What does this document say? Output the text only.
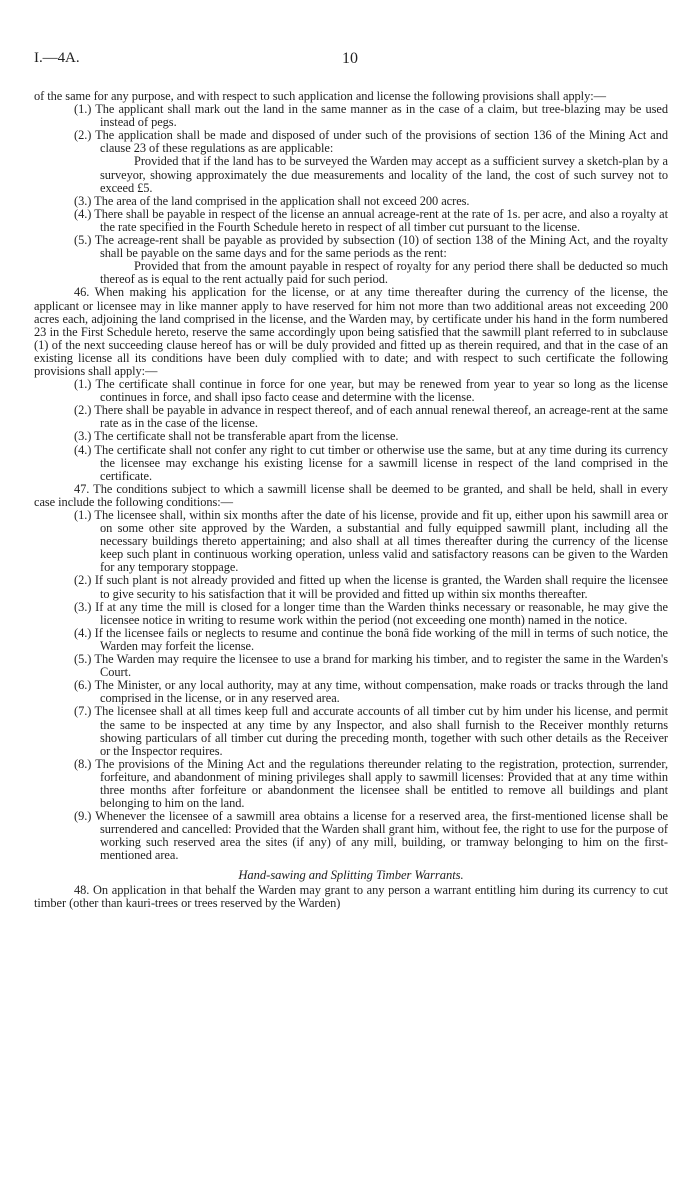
I.—4A.	10

of the same for any purpose, and with respect to such application and license the following provisions shall apply:—

(1.) The applicant shall mark out the land in the same manner as in the case of a claim, but tree-blazing may be used instead of pegs.

(2.) The application shall be made and disposed of under such of the provisions of section 136 of the Mining Act and clause 23 of these regulations as are applicable:

Provided that if the land has to be surveyed the Warden may accept as a sufficient survey a sketch-plan by a surveyor, showing approximately the due measurements and locality of the land, the cost of such survey not to exceed £5.

(3.) The area of the land comprised in the application shall not exceed 200 acres.

(4.) There shall be payable in respect of the license an annual acreage-rent at the rate of 1s. per acre, and also a royalty at the rate specified in the Fourth Schedule hereto in respect of all timber cut pursuant to the license.

(5.) The acreage-rent shall be payable as provided by subsection (10) of section 138 of the Mining Act, and the royalty shall be payable on the same days and for the same periods as the rent:

Provided that from the amount payable in respect of royalty for any period there shall be deducted so much thereof as is equal to the rent actually paid for such period.

46. When making his application for the license, or at any time thereafter during the currency of the license, the applicant or licensee may in like manner apply to have reserved for him not more than two additional areas not exceeding 200 acres each, adjoining the land comprised in the license, and the Warden may, by certificate under his hand in the form numbered 23 in the First Schedule hereto, reserve the same accordingly upon being satisfied that the sawmill plant referred to in subclause (1) of the next succeeding clause hereof has or will be duly provided and fitted up as therein required, and that in the case of an existing license all its conditions have been duly complied with to date; and with respect to such certificate the following provisions shall apply:—

(1.) The certificate shall continue in force for one year, but may be renewed from year to year so long as the license continues in force, and shall ipso facto cease and determine with the license.

(2.) There shall be payable in advance in respect thereof, and of each annual renewal thereof, an acreage-rent at the same rate as in the case of the license.

(3.) The certificate shall not be transferable apart from the license.

(4.) The certificate shall not confer any right to cut timber or otherwise use the same, but at any time during its currency the licensee may exchange his existing license for a sawmill license in respect of the land comprised in the certificate.

47. The conditions subject to which a sawmill license shall be deemed to be granted, and shall be held, shall in every case include the following conditions:—

(1.) The licensee shall, within six months after the date of his license, provide and fit up, either upon his sawmill area or on some other site approved by the Warden, a substantial and fully equipped sawmill plant, including all the necessary buildings thereto appertaining; and also shall at all times thereafter during the currency of the license keep such plant in continuous working operation, unless valid and satisfactory reasons can be given to the Warden for any temporary stoppage.

(2.) If such plant is not already provided and fitted up when the license is granted, the Warden shall require the licensee to give security to his satisfaction that it will be provided and fitted up within six months thereafter.

(3.) If at any time the mill is closed for a longer time than the Warden thinks necessary or reasonable, he may give the licensee notice in writing to resume work within the period (not exceeding one month) named in the notice.

(4.) If the licensee fails or neglects to resume and continue the bonâ fide working of the mill in terms of such notice, the Warden may forfeit the license.

(5.) The Warden may require the licensee to use a brand for marking his timber, and to register the same in the Warden's Court.

(6.) The Minister, or any local authority, may at any time, without compensation, make roads or tracks through the land comprised in the license, or in any reserved area.

(7.) The licensee shall at all times keep full and accurate accounts of all timber cut by him under his license, and permit the same to be inspected at any time by any Inspector, and also shall furnish to the Receiver monthly returns showing particulars of all timber cut during the preceding month, together with such other details as the Receiver or the Inspector requires.

(8.) The provisions of the Mining Act and the regulations thereunder relating to the registration, protection, surrender, forfeiture, and abandonment of mining privileges shall apply to sawmill licenses: Provided that at any time within three months after forfeiture or abandonment the licensee shall be entitled to remove all buildings and plant belonging to him on the land.

(9.) Whenever the licensee of a sawmill area obtains a license for a reserved area, the first-mentioned license shall be surrendered and cancelled: Provided that the Warden shall grant him, without fee, the right to use for the purpose of working such reserved area the sites (if any) of any mill, building, or tramway belonging to him on the first-mentioned area.

Hand-sawing and Splitting Timber Warrants.

48. On application in that behalf the Warden may grant to any person a warrant entitling him during its currency to cut timber (other than kauri-trees or trees reserved by the Warden)
